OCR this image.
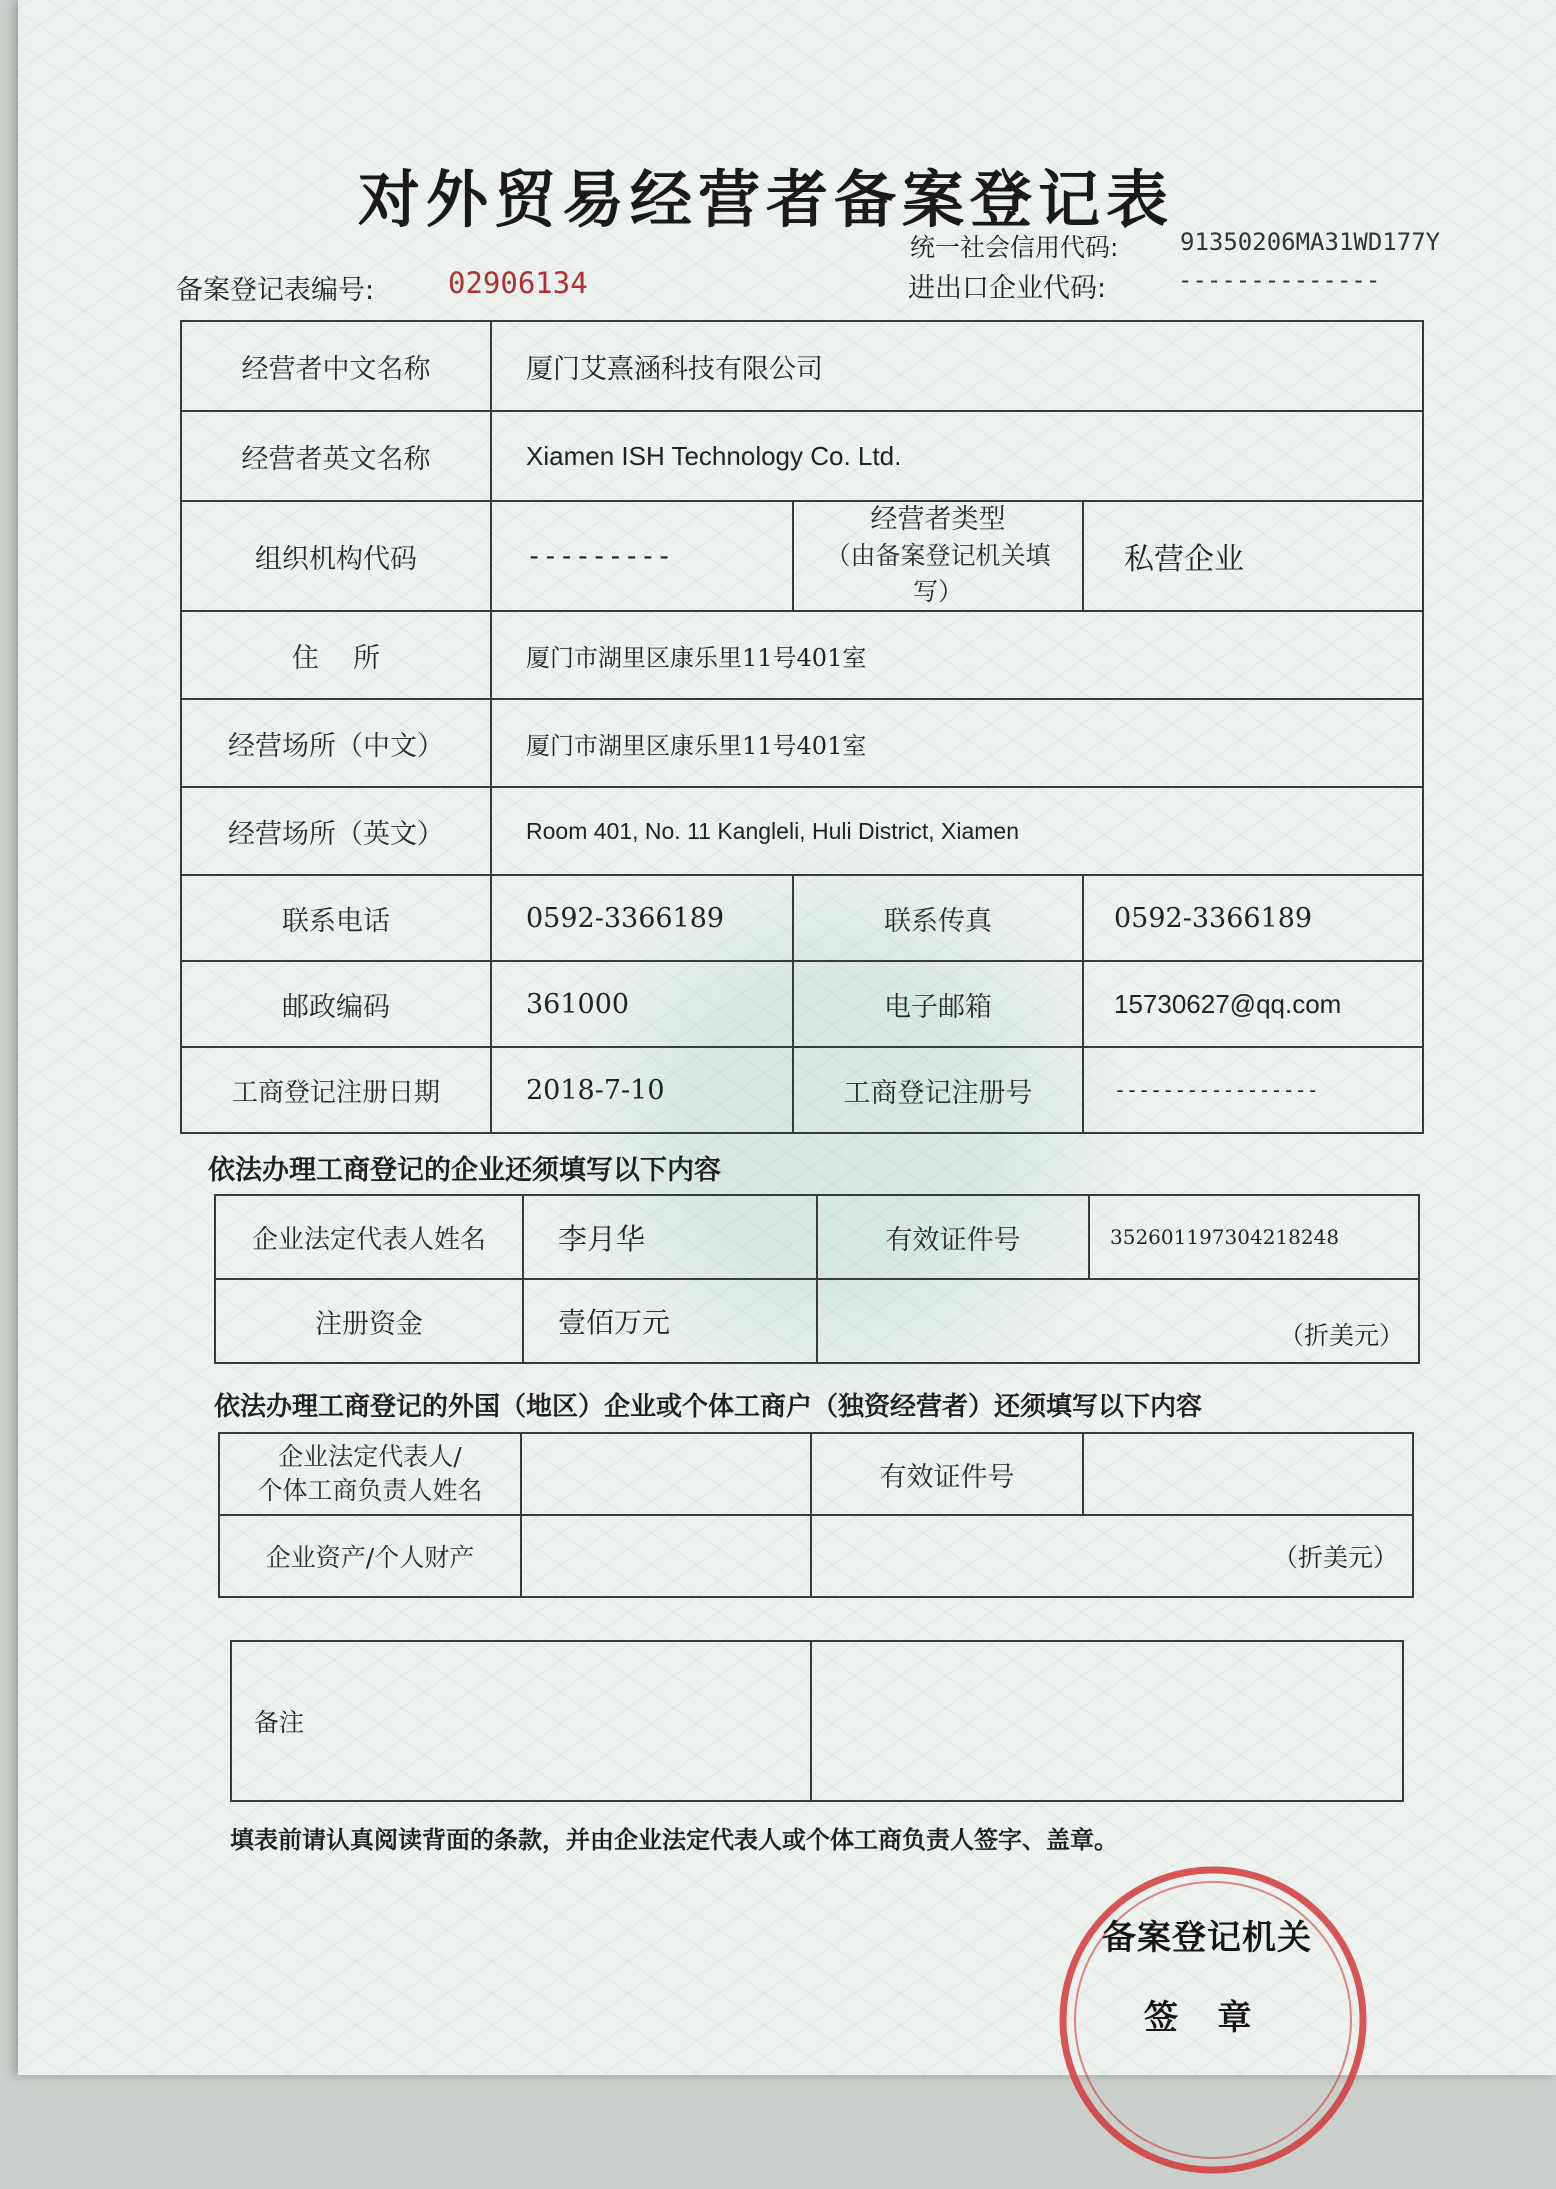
对外贸易经营者备案登记表
统一社会信用代码:	91350206MA31WD177Y
备案登记表编号:	02906134	进出口企业代码:	--------------
经营者中文名称	厦门艾熹涵科技有限公司		
经营者英文名称	Xiamen ISH Technology Co. Ltd.		
组织机构代码	---------	经营者类型
（由备案登记机关填写）	私营企业
住    所	厦门市湖里区康乐里11号401室		
经营场所（中文）	厦门市湖里区康乐里11号401室		
经营场所（英文）	Room 401, No. 11 Kangleli, Huli District, Xiamen		
联系电话	0592-3366189	联系传真	0592-3366189
邮政编码	361000	电子邮箱	15730627@qq.com
工商登记注册日期	2018-7-10	工商登记注册号	-----------------
依法办理工商登记的企业还须填写以下内容
企业法定代表人姓名	李月华	有效证件号	352601197304218248
注册资金	壹佰万元	（折美元）	
依法办理工商登记的外国（地区）企业或个体工商户（独资经营者）还须填写以下内容
企业法定代表人/
个体工商负责人姓名		有效证件号	
企业资产/个人财产		（折美元）	
备注	
填表前请认真阅读背面的条款，并由企业法定代表人或个体工商负责人签字、盖章。
备案登记机关
签   章
